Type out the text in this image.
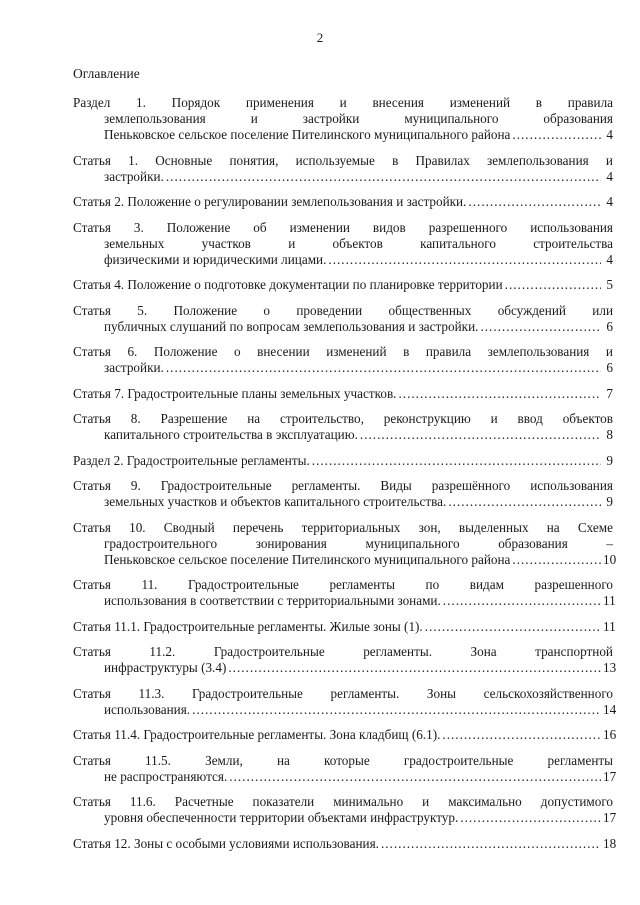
2
Оглавление
Раздел 1. Порядок применения и внесения изменений в правила
землепользования и застройки муниципального образования
Пеньковское сельское поселение Пителинского муниципального района .....	4
Статья 1. Основные понятия, используемые в Правилах землепользования и
застройки. .....	4
Статья 2. Положение о регулировании землепользования и застройки. .....	4
Статья 3. Положение об изменении видов разрешенного использования
земельных участков и объектов капитального строительства
физическими и юридическими лицами. .....	4
Статья 4. Положение о подготовке документации по планировке территории .....	5
Статья 5. Положение о проведении общественных обсуждений или
публичных слушаний по вопросам землепользования и застройки. .....	6
Статья 6. Положение о внесении изменений в правила землепользования и
застройки. .....	6
Статья 7. Градостроительные планы земельных участков. .....	7
Статья 8. Разрешение на строительство, реконструкцию и ввод объектов
капитального строительства в эксплуатацию. .....	8
Раздел 2. Градостроительные регламенты. .....	9
Статья 9. Градостроительные регламенты. Виды разрешённого использования
земельных участков и объектов капитального строительства. .....	9
Статья 10. Сводный перечень территориальных зон, выделенных на Схеме
градостроительного зонирования муниципального образования –
Пеньковское сельское поселение Пителинского муниципального района .....	10
Статья 11. Градостроительные регламенты по видам разрешенного
использования в соответствии с территориальными зонами. .....	11
Статья 11.1. Градостроительные регламенты. Жилые зоны (1). .....	11
Статья 11.2. Градостроительные регламенты. Зона транспортной
инфраструктуры (3.4) .....	13
Статья 11.3. Градостроительные регламенты. Зоны сельскохозяйственного
использования. .....	14
Статья 11.4. Градостроительные регламенты. Зона кладбищ (6.1). .....	16
Статья 11.5. Земли, на которые градостроительные регламенты
не распространяются. .....	17
Статья 11.6. Расчетные показатели минимально и максимально допустимого
уровня обеспеченности территории объектами инфраструктур. .....	17
Статья 12. Зоны с особыми условиями использования. .....	18
